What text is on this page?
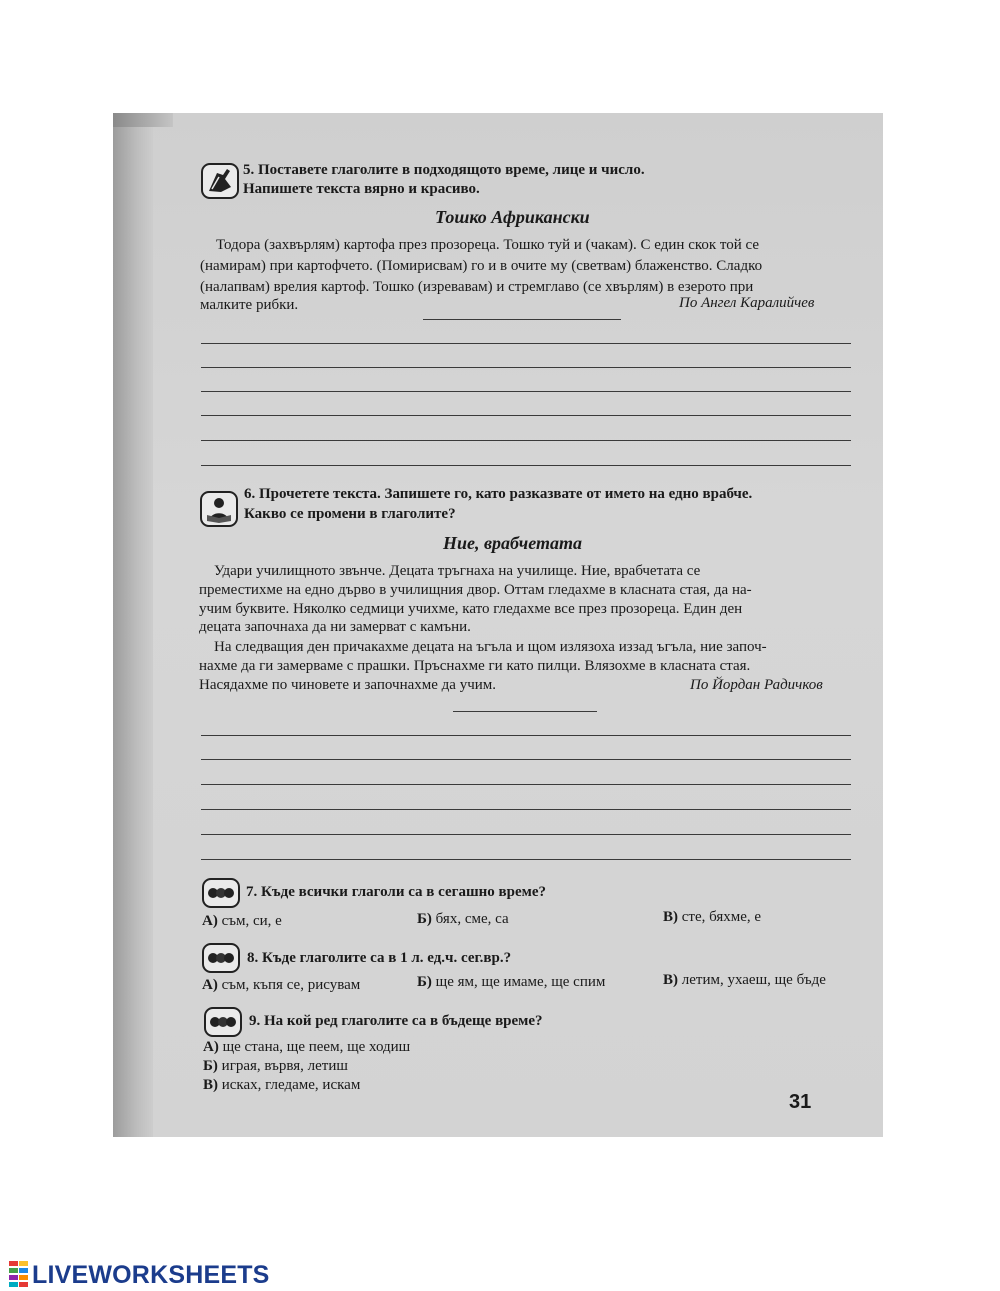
5. Поставете глаголите в подходящото време, лице и число.
Напишете текста вярно и красиво.
Тошко Африкански
Тодора (захвърлям) картофа през прозореца. Тошко туй и (чакам). С един скок той се
(намирам) при картофчето. (Помирисвам) го и в очите му (светвам) блаженство. Сладко
(налапвам) врелия картоф. Тошко (изревавам) и стремглаво (се хвърлям) в езерото при
малките рибки.	По Ангел Каралийчев
6. Прочетете текста. Запишете го, като разказвате от името на едно врабче.
Какво се промени в глаголите?
Ние, врабчетата
Удари училищното звънче. Децата тръгнаха на училище. Ние, врабчетата се
преместихме на едно дърво в училищния двор. Оттам гледахме в класната стая, да на-
учим буквите. Няколко седмици учихме, като гледахме все през прозореца. Един ден
децата започнаха да ни замерват с камъни.
На следващия ден причакахме децата на ъгъла и щом излязоха иззад ъгъла, ние започ-
нахме да ги замерваме с прашки. Пръснахме ги като пилци. Влязохме в класната стая.
Насядахме по чиновете и започнахме да учим.	По Йордан Радичков
7. Къде всички глаголи са в сегашно време?
А) съм, си, е	Б) бях, сме, са	В) сте, бяхме, е
8. Къде глаголите са в 1 л. ед.ч. сег.вр.?
А) съм, къпя се, рисувам	Б) ще ям, ще имаме, ще спим	В) летим, ухаеш, ще бъде
9. На кой ред глаголите са в бъдеще време?
А) ще стана, ще пеем, ще ходиш
Б) играя, вървя, летиш
В) исках, гледаме, искам
31
LIVEWORKSHEETS
